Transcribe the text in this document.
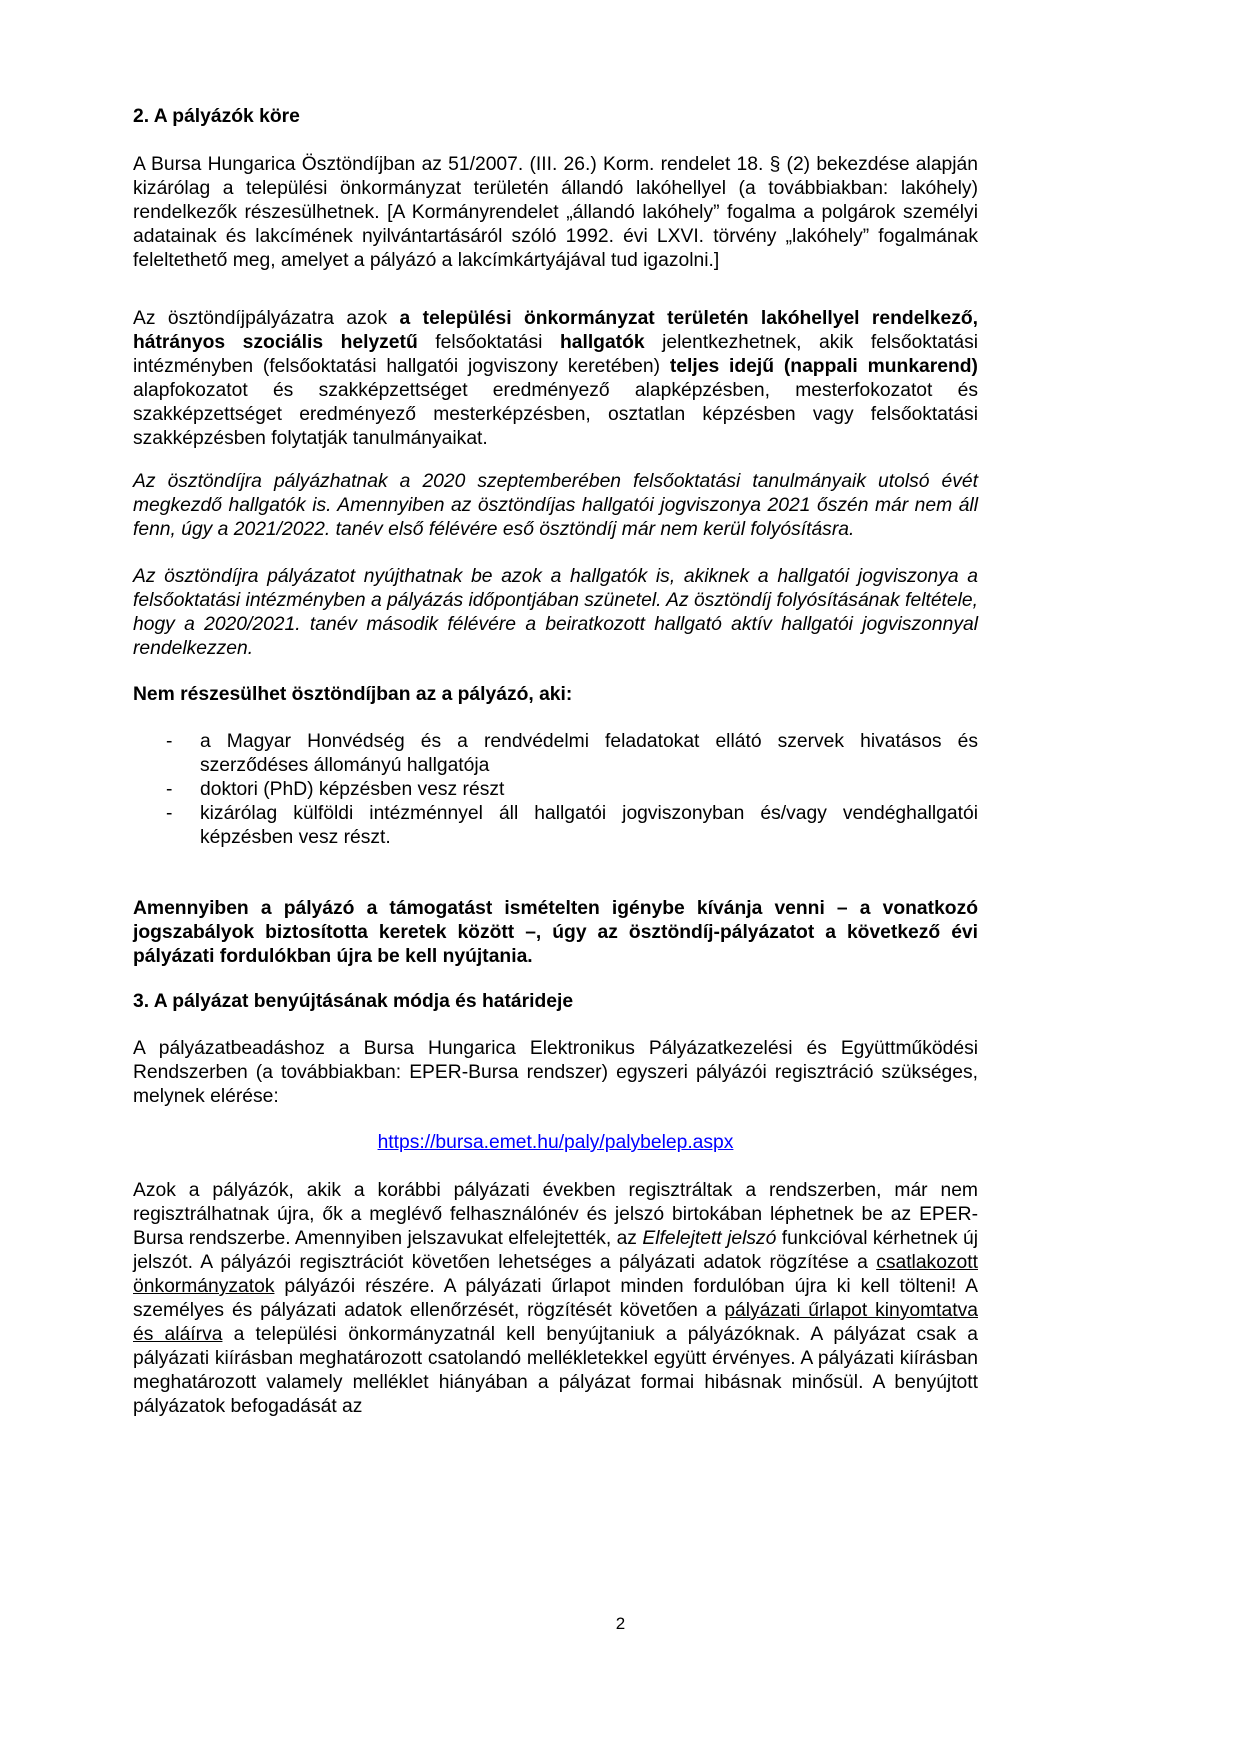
2. A pályázók köre
A Bursa Hungarica Ösztöndíjban az 51/2007. (III. 26.) Korm. rendelet 18. § (2) bekezdése alapján kizárólag a települési önkormányzat területén állandó lakóhellyel (a továbbiakban: lakóhely) rendelkezők részesülhetnek. [A Kormányrendelet „állandó lakóhely” fogalma a polgárok személyi adatainak és lakcímének nyilvántartásáról szóló 1992. évi LXVI. törvény „lakóhely” fogalmának feleltethető meg, amelyet a pályázó a lakcímkártyájával tud igazolni.]
Az ösztöndíjpályázatra azok a települési önkormányzat területén lakóhellyel rendelkező, hátrányos szociális helyzetű felsőoktatási hallgatók jelentkezhetnek, akik felsőoktatási intézményben (felsőoktatási hallgatói jogviszony keretében) teljes idejű (nappali munkarend) alapfokozatot és szakképzettséget eredményező alapképzésben, mesterfokozatot és szakképzettséget eredményező mesterképzésben, osztatlan képzésben vagy felsőoktatási szakképzésben folytatják tanulmányaikat.
Az ösztöndíjra pályázhatnak a 2020 szeptemberében felsőoktatási tanulmányaik utolsó évét megkezdő hallgatók is. Amennyiben az ösztöndíjas hallgatói jogviszonya 2021 őszén már nem áll fenn, úgy a 2021/2022. tanév első félévére eső ösztöndíj már nem kerül folyósításra.
Az ösztöndíjra pályázatot nyújthatnak be azok a hallgatók is, akiknek a hallgatói jogviszonya a felsőoktatási intézményben a pályázás időpontjában szünetel. Az ösztöndíj folyósításának feltétele, hogy a 2020/2021. tanév második félévére a beiratkozott hallgató aktív hallgatói jogviszonnyal rendelkezzen.
Nem részesülhet ösztöndíjban az a pályázó, aki:
- a Magyar Honvédség és a rendvédelmi feladatokat ellátó szervek hivatásos és szerződéses állományú hallgatója
- doktori (PhD) képzésben vesz részt
- kizárólag külföldi intézménnyel áll hallgatói jogviszonyban és/vagy vendéghallgatói képzésben vesz részt.
Amennyiben a pályázó a támogatást ismételten igénybe kívánja venni – a vonatkozó jogszabályok biztosította keretek között –, úgy az ösztöndíj-pályázatot a következő évi pályázati fordulókban újra be kell nyújtania.
3. A pályázat benyújtásának módja és határideje
A pályázatbeadáshoz a Bursa Hungarica Elektronikus Pályázatkezelési és Együttműködési Rendszerben (a továbbiakban: EPER-Bursa rendszer) egyszeri pályázói regisztráció szükséges, melynek elérése:
https://bursa.emet.hu/paly/palybelep.aspx
Azok a pályázók, akik a korábbi pályázati években regisztráltak a rendszerben, már nem regisztrálhatnak újra, ők a meglévő felhasználónév és jelszó birtokában léphetnek be az EPER-Bursa rendszerbe. Amennyiben jelszavukat elfelejtették, az Elfelejtett jelszó funkcióval kérhetnek új jelszót. A pályázói regisztrációt követően lehetséges a pályázati adatok rögzítése a csatlakozott önkormányzatok pályázói részére. A pályázati űrlapot minden fordulóban újra ki kell tölteni! A személyes és pályázati adatok ellenőrzését, rögzítését követően a pályázati űrlapot kinyomtatva és aláírva a települési önkormányzatnál kell benyújtaniuk a pályázóknak. A pályázat csak a pályázati kiírásban meghatározott csatolandó mellékletekkel együtt érvényes. A pályázati kiírásban meghatározott valamely melléklet hiányában a pályázat formai hibásnak minősül. A benyújtott pályázatok befogadását az
2
